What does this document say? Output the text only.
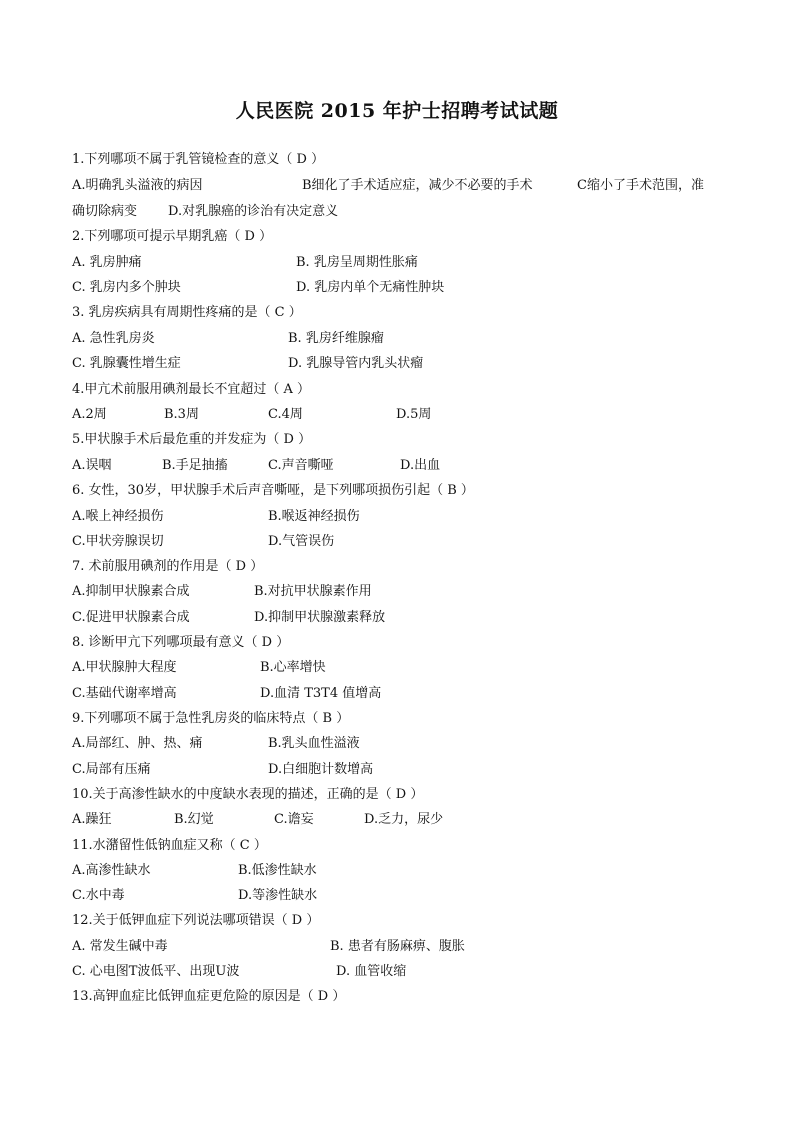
人民医院 2015 年护士招聘考试试题
1.下列哪项不属于乳管镜检查的意义（ D ）
A.明确乳头溢液的病因	B细化了手术适应症，减少不必要的手术	C缩小了手术范围，准
确切除病变 D.对乳腺癌的诊治有决定意义
2.下列哪项可提示早期乳癌（ D ）
A. 乳房肿痛	B. 乳房呈周期性胀痛
C. 乳房内多个肿块	D. 乳房内单个无痛性肿块
3. 乳房疾病具有周期性疼痛的是（ C ）
A. 急性乳房炎	B. 乳房纤维腺瘤
C. 乳腺囊性增生症	D. 乳腺导管内乳头状瘤
4.甲亢术前服用碘剂最长不宜超过（ A ）
A.2周	B.3周	C.4周	D.5周
5.甲状腺手术后最危重的并发症为（ D ）
A.误咽	B.手足抽搐	C.声音嘶哑	D.出血
6. 女性，30岁，甲状腺手术后声音嘶哑，是下列哪项损伤引起（ B ）
A.喉上神经损伤	B.喉返神经损伤
C.甲状旁腺误切	D.气管误伤
7. 术前服用碘剂的作用是（ D ）
A.抑制甲状腺素合成	B.对抗甲状腺素作用
C.促进甲状腺素合成	D.抑制甲状腺激素释放
8. 诊断甲亢下列哪项最有意义（ D ）
A.甲状腺肿大程度	B.心率增快
C.基础代谢率增高	D.血清 T3T4 值增高
9.下列哪项不属于急性乳房炎的临床特点（ B ）
A.局部红、肿、热、痛	B.乳头血性溢液
C.局部有压痛	D.白细胞计数增高
10.关于高渗性缺水的中度缺水表现的描述，正确的是（ D ）
A.躁狂	B.幻觉	C.谵妄	D.乏力，尿少
11.水潴留性低钠血症又称（ C ）
A.高渗性缺水	B.低渗性缺水
C.水中毒	D.等渗性缺水
12.关于低钾血症下列说法哪项错误（ D ）
A. 常发生碱中毒	B. 患者有肠麻痹、腹胀
C. 心电图T波低平、出现U波	D. 血管收缩
13.高钾血症比低钾血症更危险的原因是（ D ）
